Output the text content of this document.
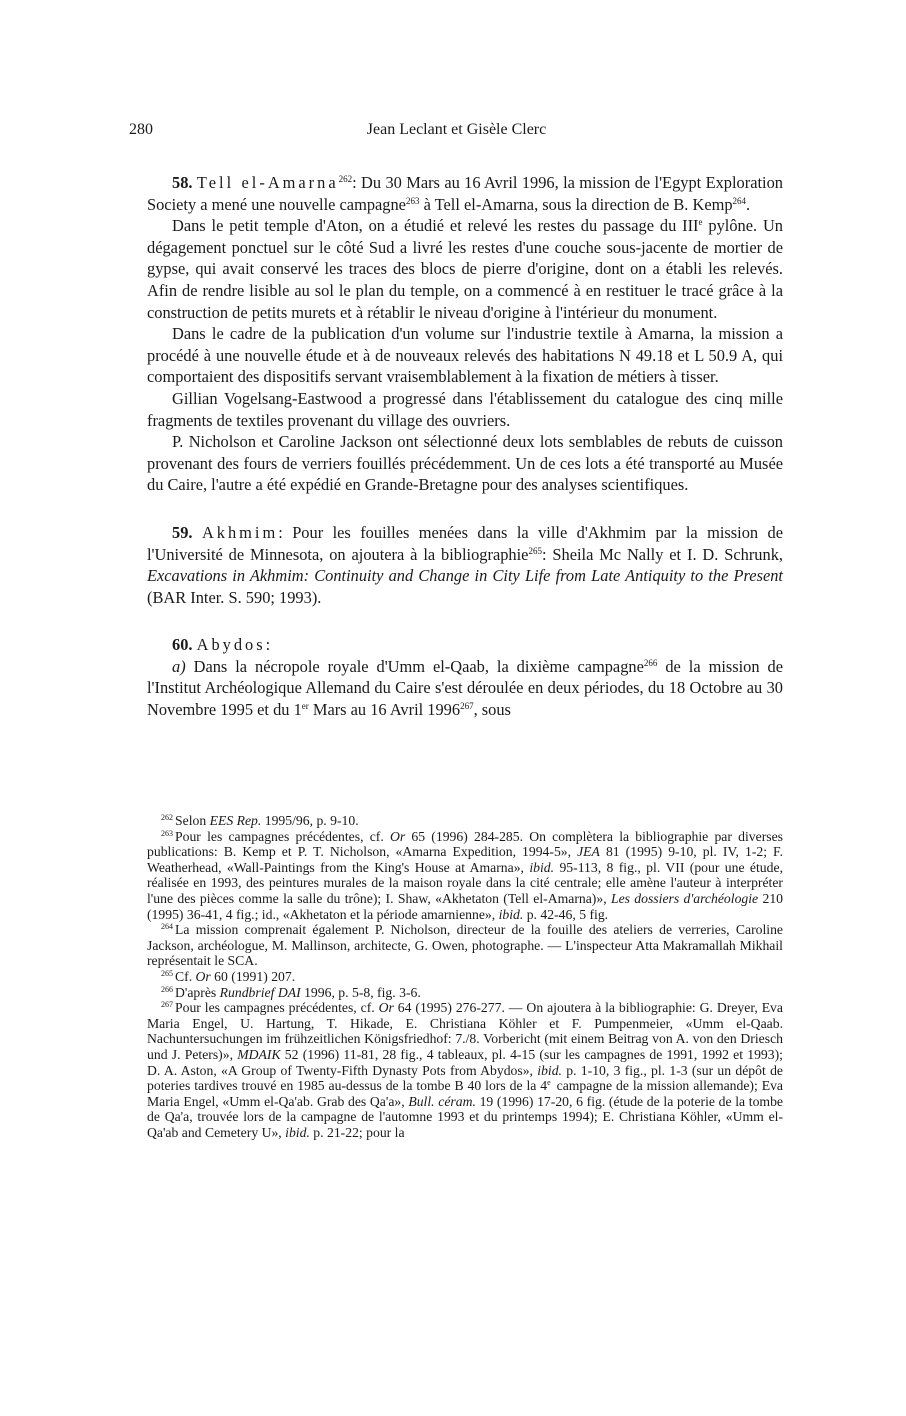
280	Jean Leclant et Gisèle Clerc

58. Tell el-Amarna$^{262}$: Du 30 Mars au 16 Avril 1996, la mission de l'Egypt Exploration Society a mené une nouvelle campagne$^{263}$ à Tell el-Amarna, sous la direction de B. Kemp$^{264}$.

Dans le petit temple d'Aton, on a étudié et relevé les restes du passage du IIIe pylône. Un dégagement ponctuel sur le côté Sud a livré les restes d'une couche sous-jacente de mortier de gypse, qui avait conservé les traces des blocs de pierre d'origine, dont on a établi les relevés. Afin de rendre lisible au sol le plan du temple, on a commencé à en restituer le tracé grâce à la construction de petits murets et à rétablir le niveau d'origine à l'intérieur du monument.

Dans le cadre de la publication d'un volume sur l'industrie textile à Amarna, la mission a procédé à une nouvelle étude et à de nouveaux relevés des habitations N 49.18 et L 50.9 A, qui comportaient des dispositifs servant vraisemblablement à la fixation de métiers à tisser.

Gillian Vogelsang-Eastwood a progressé dans l'établissement du catalogue des cinq mille fragments de textiles provenant du village des ouvriers.

P. Nicholson et Caroline Jackson ont sélectionné deux lots semblables de rebuts de cuisson provenant des fours de verriers fouillés précédemment. Un de ces lots a été transporté au Musée du Caire, l'autre a été expédié en Grande-Bretagne pour des analyses scientifiques.

59. Akhmim: Pour les fouilles menées dans la ville d'Akhmim par la mission de l'Université de Minnesota, on ajoutera à la bibliographie$^{265}$: Sheila Mc Nally et I. D. Schrunk, Excavations in Akhmim: Continuity and Change in City Life from Late Antiquity to the Present (BAR Inter. S. 590; 1993).

60. Abydos:

a) Dans la nécropole royale d'Umm el-Qaab, la dixième campagne$^{266}$ de la mission de l'Institut Archéologique Allemand du Caire s'est déroulée en deux périodes, du 18 Octobre au 30 Novembre 1995 et du 1er Mars au 16 Avril 1996$^{267}$, sous

$^{262}$ Selon EES Rep. 1995/96, p. 9-10.

$^{263}$ Pour les campagnes précédentes, cf. Or 65 (1996) 284-285. On complètera la bibliographie par diverses publications: B. Kemp et P. T. Nicholson, «Amarna Expedition, 1994-5», JEA 81 (1995) 9-10, pl. IV, 1-2; F. Weatherhead, «Wall-Paintings from the King's House at Amarna», ibid. 95-113, 8 fig., pl. VII (pour une étude, réalisée en 1993, des peintures murales de la maison royale dans la cité centrale; elle amène l'auteur à interpréter l'une des pièces comme la salle du trône); I. Shaw, «Akhetaton (Tell el-Amarna)», Les dossiers d'archéologie 210 (1995) 36-41, 4 fig.; id., «Akhetaton et la période amarnienne», ibid. p. 42-46, 5 fig.

$^{264}$ La mission comprenait également P. Nicholson, directeur de la fouille des ateliers de verreries, Caroline Jackson, archéologue, M. Mallinson, architecte, G. Owen, photographe. — L'inspecteur Atta Makramallah Mikhail représentait le SCA.

$^{265}$ Cf. Or 60 (1991) 207.

$^{266}$ D'après Rundbrief DAI 1996, p. 5-8, fig. 3-6.

$^{267}$ Pour les campagnes précédentes, cf. Or 64 (1995) 276-277. — On ajoutera à la bibliographie: G. Dreyer, Eva Maria Engel, U. Hartung, T. Hikade, E. Christiana Köhler et F. Pumpenmeier, «Umm el-Qaab. Nachuntersuchungen im frühzeitlichen Königsfriedhof: 7./8. Vorbericht (mit einem Beitrag von A. von den Driesch und J. Peters)», MDAIK 52 (1996) 11-81, 28 fig., 4 tableaux, pl. 4-15 (sur les campagnes de 1991, 1992 et 1993); D. A. Aston, «A Group of Twenty-Fifth Dynasty Pots from Abydos», ibid. p. 1-10, 3 fig., pl. 1-3 (sur un dépôt de poteries tardives trouvé en 1985 au-dessus de la tombe B 40 lors de la 4e campagne de la mission allemande); Eva Maria Engel, «Umm el-Qa'ab. Grab des Qa'a», Bull. céram. 19 (1996) 17-20, 6 fig. (étude de la poterie de la tombe de Qa'a, trouvée lors de la campagne de l'automne 1993 et du printemps 1994); E. Christiana Köhler, «Umm el-Qa'ab and Cemetery U», ibid. p. 21-22; pour la
